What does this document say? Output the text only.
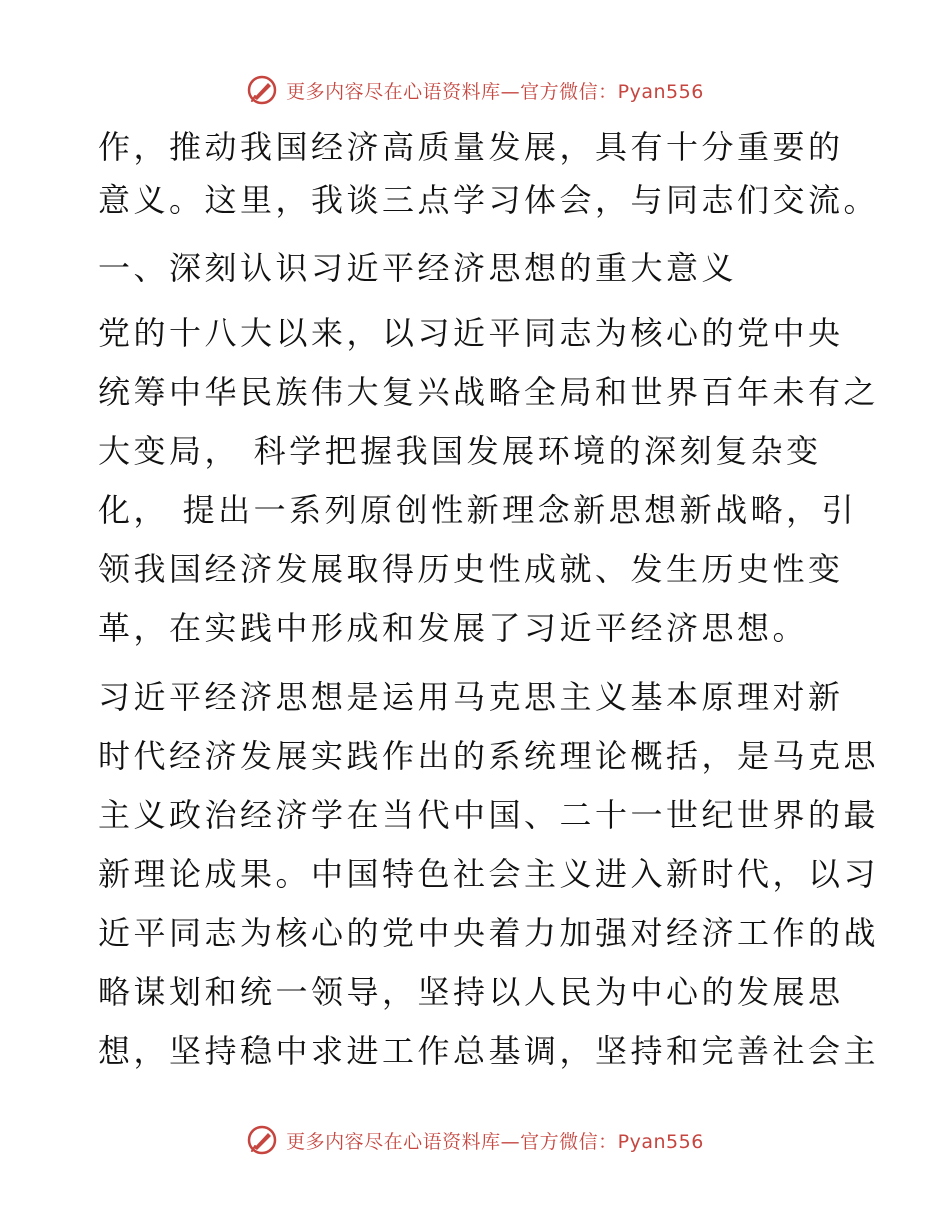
更多内容尽在心语资料库—官方微信：Pyan556

作，推动我国经济高质量发展，具有十分重要的

意义。这里，我谈三点学习体会，与同志们交流。

一、深刻认识习近平经济思想的重大意义

党的十八大以来，以习近平同志为核心的党中央

统筹中华民族伟大复兴战略全局和世界百年未有之

大变局， 科学把握我国发展环境的深刻复杂变

化， 提出一系列原创性新理念新思想新战略，引

领我国经济发展取得历史性成就、发生历史性变

革，在实践中形成和发展了习近平经济思想。

习近平经济思想是运用马克思主义基本原理对新

时代经济发展实践作出的系统理论概括，是马克思

主义政治经济学在当代中国、二十一世纪世界的最

新理论成果。中国特色社会主义进入新时代，以习

近平同志为核心的党中央着力加强对经济工作的战

略谋划和统一领导，坚持以人民为中心的发展思

想，坚持稳中求进工作总基调，坚持和完善社会主

更多内容尽在心语资料库—官方微信：Pyan556
